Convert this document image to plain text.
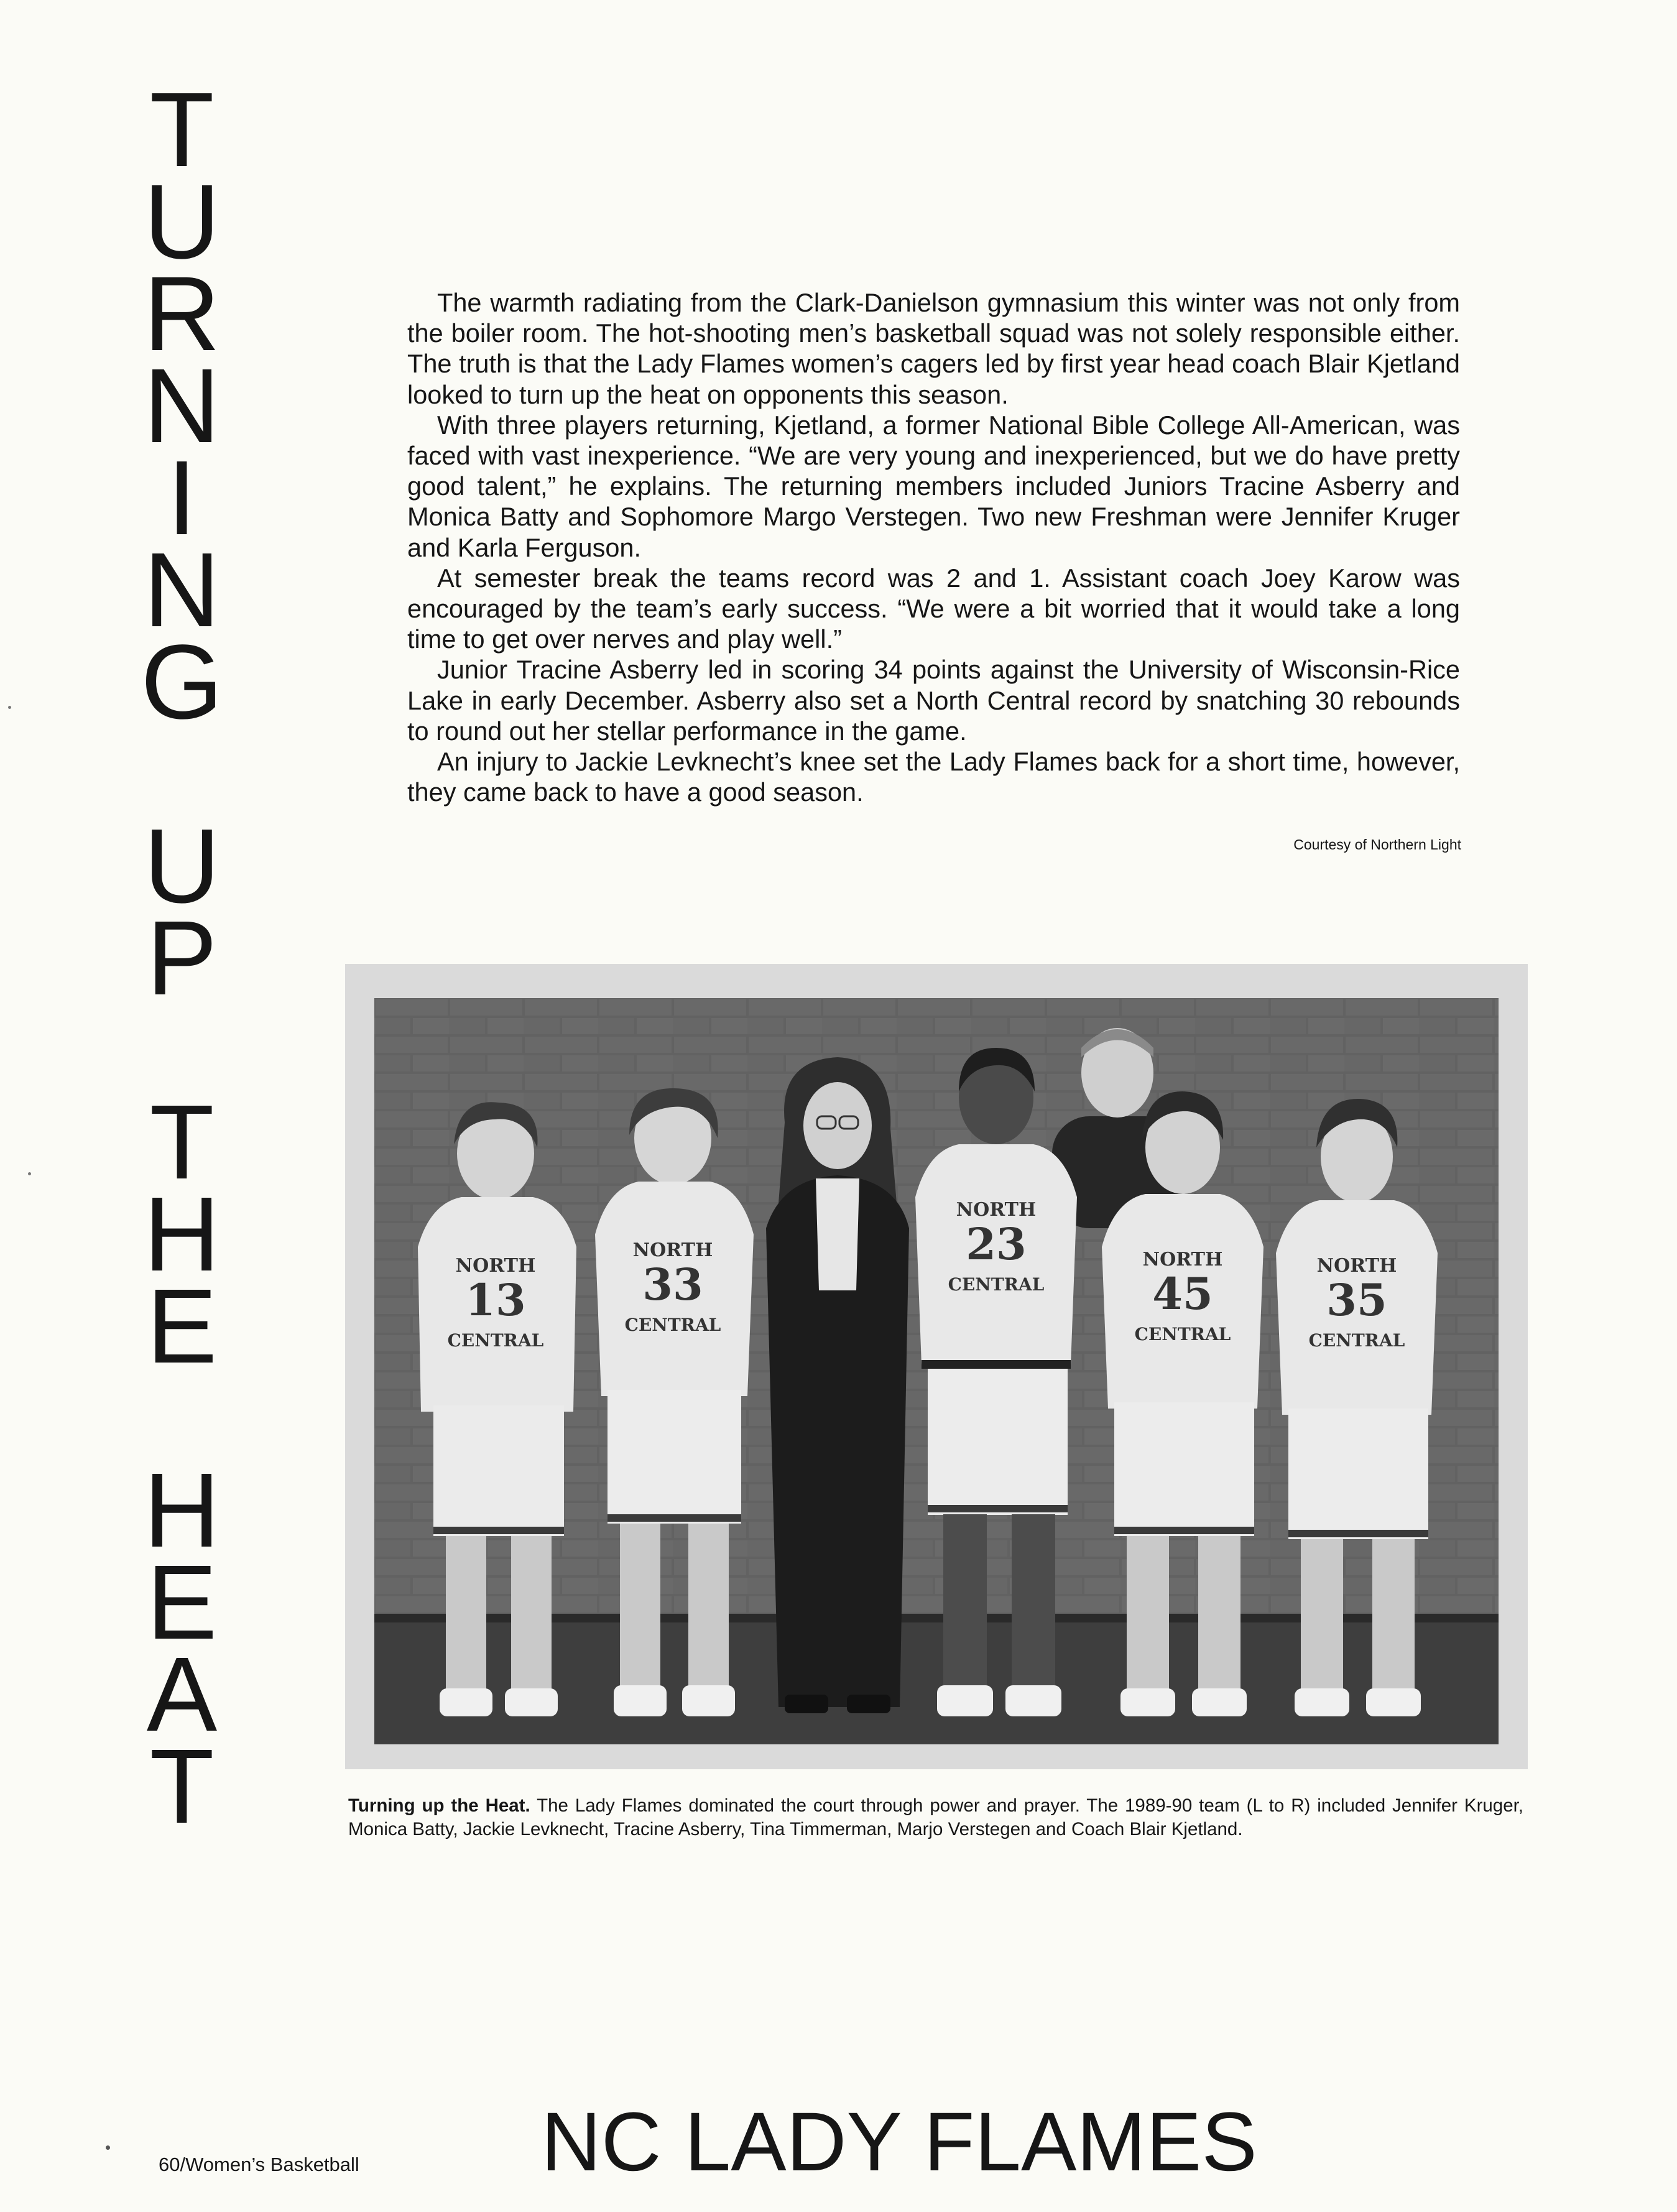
T
U
R
N
I
N
G
U
P
T
H
E
H
E
A
T

The warmth radiating from the Clark-Danielson gymnasium this winter was not only from the boiler room. The hot-shooting men’s basketball squad was not solely responsible either. The truth is that the Lady Flames women’s cagers led by first year head coach Blair Kjetland looked to turn up the heat on opponents this season.

With three players returning, Kjetland, a former National Bible College All-American, was faced with vast inexperience. “We are very young and inexperienced, but we do have pretty good talent,” he explains. The returning members included Juniors Tracine Asberry and Monica Batty and Sophomore Margo Verstegen. Two new Freshman were Jennifer Kruger and Karla Ferguson.

At semester break the teams record was 2 and 1. Assistant coach Joey Karow was encouraged by the team’s early success. “We were a bit worried that it would take a long time to get over nerves and play well.”

Junior Tracine Asberry led in scoring 34 points against the University of Wisconsin-Rice Lake in early December. Asberry also set a North Central record by snatching 30 rebounds to round out her stellar performance in the game.

An injury to Jackie Levknecht’s knee set the Lady Flames back for a short time, however, they came back to have a good season.

Courtesy of Northern Light
NORTH
13
CENTRAL
NORTH
33
CENTRAL
NORTH
23
CENTRAL
NORTH
45
CENTRAL
NORTH
35
CENTRAL
Turning up the Heat. The Lady Flames dominated the court through power and prayer. The 1989-90 team (L to R) included Jennifer Kruger, Monica Batty, Jackie Levknecht, Tracine Asberry, Tina Timmerman, Marjo Verstegen and Coach Blair Kjetland.
NC LADY FLAMES
60/Women’s Basketball
